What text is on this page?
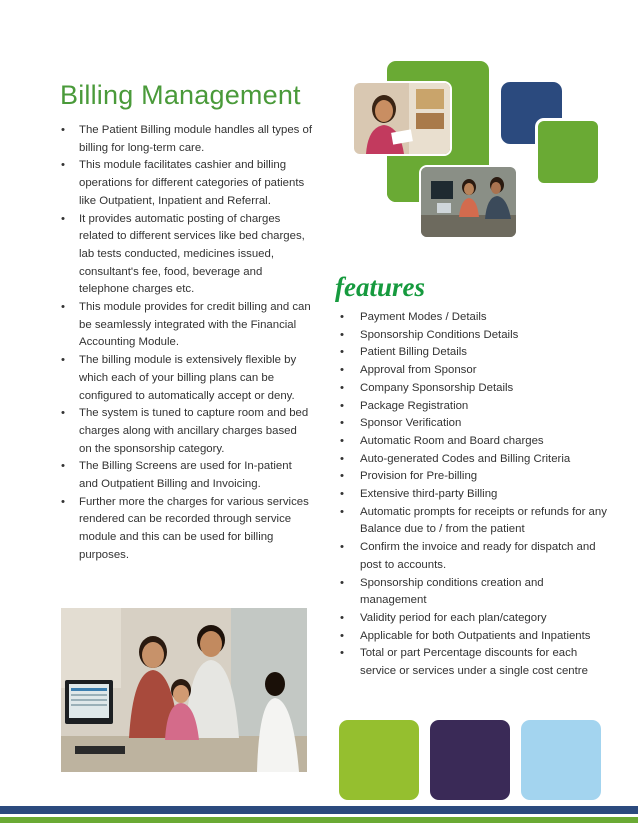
Billing Management
• The Patient Billing module handles all types of billing for long-term care.
• This module facilitates cashier and billing operations for different categories of patients like Outpatient, Inpatient and Referral.
• It provides automatic posting of charges related to different services like bed charges, lab tests conducted, medicines issued, consultant's fee, food, beverage and telephone charges etc.
• This module provides for credit billing and can be seamlessly integrated with the Financial Accounting Module.
• The billing module is extensively flexible by which each of your billing plans can be configured to automatically accept or deny.
• The system is tuned to capture room and bed charges along with ancillary charges based on the sponsorship category.
• The Billing Screens are used for In-patient and Outpatient Billing and Invoicing.
• Further more the charges for various services rendered can be recorded through service module and this can be used for billing purposes.
features
• Payment Modes / Details
• Sponsorship Conditions Details
• Patient Billing Details
• Approval from Sponsor
• Company Sponsorship Details
• Package Registration
• Sponsor Verification
• Automatic Room and Board charges
• Auto-generated Codes and Billing Criteria
• Provision for Pre-billing
• Extensive third-party Billing
• Automatic prompts for receipts or refunds for any Balance due to / from the patient
• Confirm the invoice and ready for dispatch and post to accounts.
• Sponsorship conditions creation and management
• Validity period for each plan/category
• Applicable for both Outpatients and Inpatients
• Total or part Percentage discounts for each service or services under a single cost centre
